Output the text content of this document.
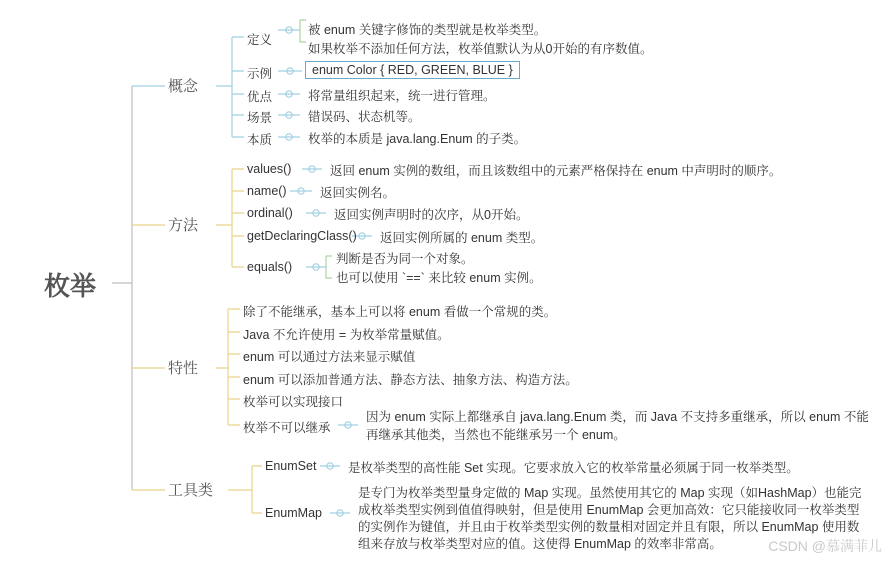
枚举
概念
定义
被 enum 关键字修饰的类型就是枚举类型。
如果枚举不添加任何方法，枚举值默认为从0开始的有序数值。
示例	enum Color { RED, GREEN, BLUE }
优点	将常量组织起来，统一进行管理。
场景	错误码、状态机等。
本质	枚举的本质是 java.lang.Enum 的子类。
方法
values()	返回 enum 实例的数组，而且该数组中的元素严格保持在 enum 中声明时的顺序。
name()	返回实例名。
ordinal()	返回实例声明时的次序，从0开始。
getDeclaringClass() 返回实例所属的 enum 类型。
equals()
判断是否为同一个对象。
也可以使用 `==` 来比较 enum 实例。
特性
除了不能继承，基本上可以将 enum 看做一个常规的类。
Java 不允许使用 = 为枚举常量赋值。
enum 可以通过方法来显示赋值
enum 可以添加普通方法、静态方法、抽象方法、构造方法。
枚举可以实现接口
枚举不可以继承
因为 enum 实际上都继承自 java.lang.Enum 类，而 Java 不支持多重继承，所以 enum 不能再继承其他类，当然也不能继承另一个 enum。
工具类
EnumSet	是枚举类型的高性能 Set 实现。它要求放入它的枚举常量必须属于同一枚举类型。
EnumMap
是专门为枚举类型量身定做的 Map 实现。虽然使用其它的 Map 实现（如HashMap）也能完成枚举类型实例到值值得映射，但是使用 EnumMap 会更加高效：它只能接收同一枚举类型的实例作为键值，并且由于枚举类型实例的数量相对固定并且有限，所以 EnumMap 使用数组来存放与枚举类型对应的值。这使得 EnumMap 的效率非常高。	CSDN @慕满菲儿
